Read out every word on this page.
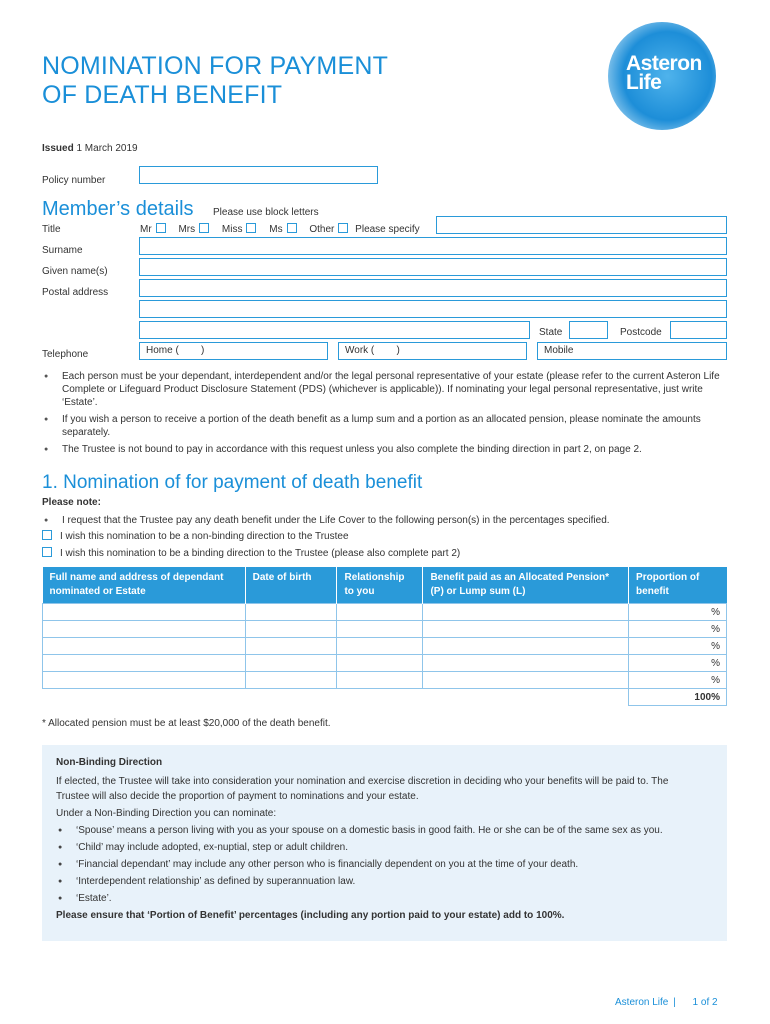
NOMINATION FOR PAYMENT
OF DEATH BENEFIT
Asteron
Life
Issued 1 March 2019
Policy number
Member’s details Please use block letters
Title	Mr	Mrs	Miss	Ms	Other Please specify
Surname
Given name(s)
Postal address
State	Postcode
Telephone	Home (        )	Work (        )	Mobile
● Each person must be your dependant, interdependent and/or the legal personal representative of your estate (please refer to the current Asteron Life Complete or Lifeguard Product Disclosure Statement (PDS) (whichever is applicable)). If nominating your legal personal representative, just write ‘Estate’.
● If you wish a person to receive a portion of the death benefit as a lump sum and a portion as an allocated pension, please nominate the amounts separately.
● The Trustee is not bound to pay in accordance with this request unless you also complete the binding direction in part 2, on page 2.
1. Nomination of for payment of death benefit
Please note:
● I request that the Trustee pay any death benefit under the Life Cover to the following person(s) in the percentages specified.
I wish this nomination to be a non-binding direction to the Trustee
I wish this nomination to be a binding direction to the Trustee (please also complete part 2)
Full name and address of dependant nominated or Estate	Date of birth	Relationship to you	Benefit paid as an Allocated Pension* (P) or Lump sum (L)	Proportion of benefit
				%
				%
				%
				%
				%
				100%
* Allocated pension must be at least $20,000 of the death benefit.
Non-Binding Direction
If elected, the Trustee will take into consideration your nomination and exercise discretion in deciding who your benefits will be paid to. The Trustee will also decide the proportion of payment to nominations and your estate.
Under a Non-Binding Direction you can nominate:
● ‘Spouse’ means a person living with you as your spouse on a domestic basis in good faith. He or she can be of the same sex as you.
● ‘Child’ may include adopted, ex-nuptial, step or adult children.
● ‘Financial dependant’ may include any other person who is financially dependent on you at the time of your death.
● ‘Interdependent relationship’ as defined by superannuation law.
● ‘Estate’.
Please ensure that ‘Portion of Benefit’ percentages (including any portion paid to your estate) add to 100%.
Asteron Life | 1 of 2
